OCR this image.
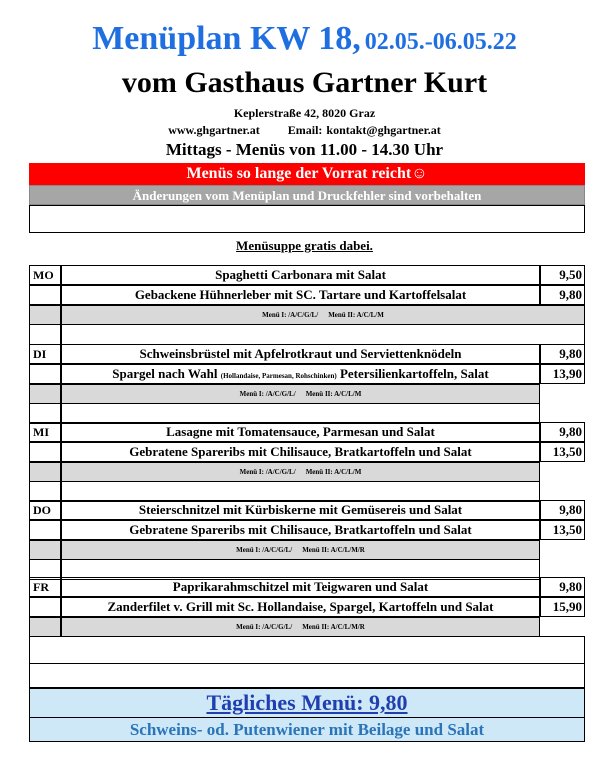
Menüplan KW 18, 02.05.-06.05.22
vom Gasthaus Gartner Kurt
Keplerstraße 42, 8020 Graz
www.ghgartner.at Email: kontakt@ghgartner.at
Mittags - Menüs von 11.00 - 14.30 Uhr
Menüs so lange der Vorrat reicht☺
Änderungen vom Menüplan und Druckfehler sind vorbehalten
Menüsuppe gratis dabei.
MO	Spaghetti Carbonara mit Salat	9,50
Gebackene Hühnerleber mit SC. Tartare und Kartoffelsalat	9,80
Menü I: /A/C/G/L/ Menü II: A/C/L/M
DI	Schweinsbrüstel mit Apfelrotkraut und Serviettenknödeln	9,80
Spargel nach Wahl (Hollandaise, Parmesan, Rohschinken) Petersilienkartoffeln, Salat	13,90
Menü I: /A/C/G/L/ Menü II: A/C/L/M
MI	Lasagne mit Tomatensauce, Parmesan und Salat	9,80
Gebratene Spareribs mit Chilisauce, Bratkartoffeln und Salat	13,50
Menü I: /A/C/G/L/ Menü II: A/C/L/M
DO	Steierschnitzel mit Kürbiskerne mit Gemüsereis und Salat	9,80
Gebratene Spareribs mit Chilisauce, Bratkartoffeln und Salat	13,50
Menü I: /A/C/G/L/ Menü II: A/C/L/M/R
FR	Paprikarahmschitzel mit Teigwaren und Salat	9,80
Zanderfilet v. Grill mit Sc. Hollandaise, Spargel, Kartoffeln und Salat	15,90
Menü I: /A/C/G/L/ Menü II: A/C/L/M/R
Tägliches Menü: 9,80
Schweins- od. Putenwiener mit Beilage und Salat
